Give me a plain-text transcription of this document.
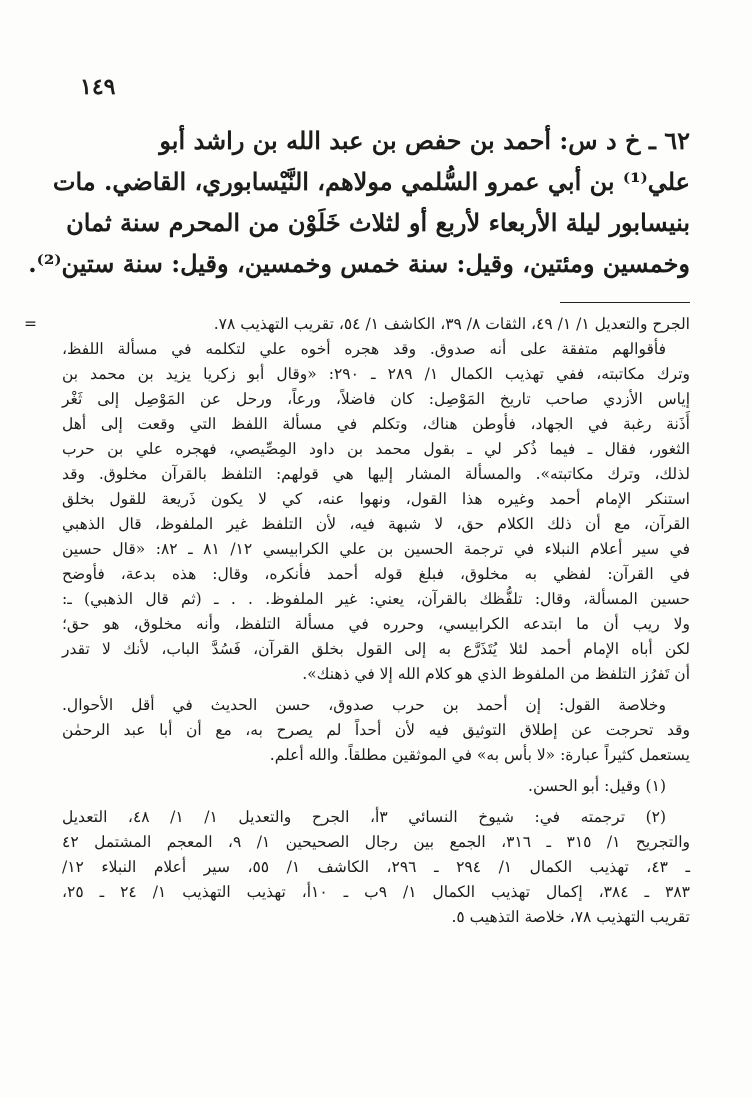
١٤٩
٦٢ ـ خ د س: أحمد بن حفص بن عبد الله بن راشد أبو
علي⁽¹⁾ بن أبي عمرو السُّلمي مولاهم، النَّيْسابوري، القاضي. مات
بنيسابور ليلة الأربعاء لأربع أو لثلاث خَلَوْن من المحرم سنة ثمان
وخمسين ومئتين، وقيل: سنة خمس وخمسين، وقيل: سنة ستين⁽²⁾.
=	الجرح والتعديل ١/ ١/ ٤٩، الثقات ٨/ ٣٩، الكاشف ١/ ٥٤، تقريب التهذيب ٧٨.
فأقوالهم متفقة على أنه صدوق. وقد هجره أخوه علي لتكلمه في مسألة اللفظ،
وترك مكاتبته، ففي تهذيب الكمال ١/ ٢٨٩ ـ ٢٩٠: «وقال أبو زكريا يزيد بن محمد بن
إياس الأزدي صاحب تاريخ المَوْصِل: كان فاضلاً، ورعاً، ورحل عن المَوْصِل إلى ثَغْر
أَذَنة رغبة في الجهاد، فأوطن هناك، وتكلم في مسألة اللفظ التي وقعت إلى أهل
الثغور، فقال ـ فيما ذُكر لي ـ بقول محمد بن داود المِصِّيصي، فهجره علي بن حرب
لذلك، وترك مكاتبته». والمسألة المشار إليها هي قولهم: التلفظ بالقرآن مخلوق. وقد
استنكر الإمام أحمد وغيره هذا القول، ونهوا عنه، كي لا يكون ذَريعة للقول بخلق
القرآن، مع أن ذلك الكلام حق، لا شبهة فيه، لأن التلفظ غير الملفوظ، قال الذهبي
في سير أعلام النبلاء في ترجمة الحسين بن علي الكرابيسي ١٢/ ٨١ ـ ٨٢: «قال حسين
في القرآن: لفظي به مخلوق، فبلغ قوله أحمد فأنكره، وقال: هذه بدعة، فأوضح
حسين المسألة، وقال: تلفُّظك بالقرآن، يعني: غير الملفوظ. . . ـ (ثم قال الذهبي) ـ:
ولا ريب أن ما ابتدعه الكرابيسي، وحرره في مسألة التلفظ، وأنه مخلوق، هو حق؛
لكن أباه الإمام أحمد لئلا يُتَذَرَّع به إلى القول بخلق القرآن، فَسُدَّ الباب، لأنك لا تقدر
أن تَفرُز التلفظ من الملفوظ الذي هو كلام الله إلا في ذهنك».
وخلاصة القول: إن أحمد بن حرب صدوق، حسن الحديث في أقل الأحوال.
وقد تحرجت عن إطلاق التوثيق فيه لأن أحداً لم يصرح به، مع أن أبا عبد الرحمٰن
يستعمل كثيراً عبارة: «لا بأس به» في الموثقين مطلقاً. والله أعلم.
(١) وقيل: أبو الحسن.
(٢) ترجمته في: شيوخ النسائي ٣أ، الجرح والتعديل ١/ ١/ ٤٨، التعديل
والتجريح ١/ ٣١٥ ـ ٣١٦، الجمع بين رجال الصحيحين ١/ ٩، المعجم المشتمل ٤٢
ـ ٤٣، تهذيب الكمال ١/ ٢٩٤ ـ ٢٩٦، الكاشف ١/ ٥٥، سير أعلام النبلاء ١٢/
٣٨٣ ـ ٣٨٤، إكمال تهذيب الكمال ١/ ٩ب ـ ١٠أ، تهذيب التهذيب ١/ ٢٤ ـ ٢٥،
تقريب التهذيب ٧٨، خلاصة التذهيب ٥.
